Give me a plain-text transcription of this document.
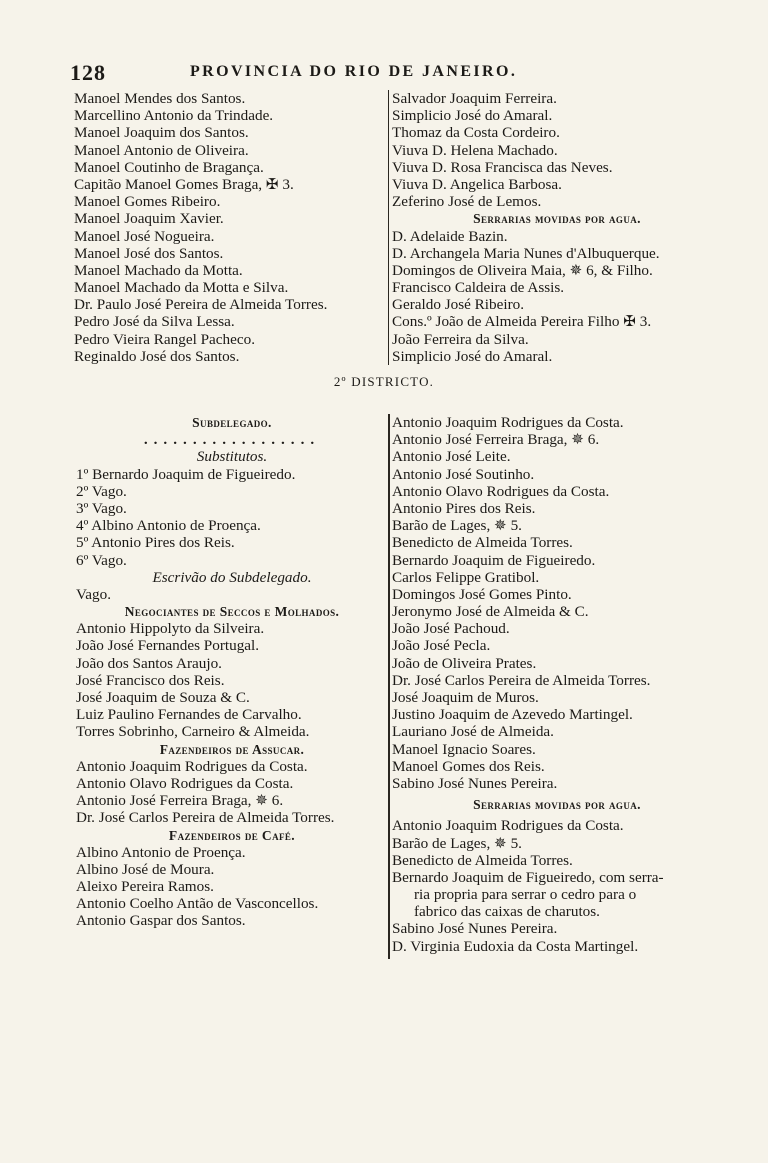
128	PROVINCIA DO RIO DE JANEIRO.
Manoel Mendes dos Santos.
Marcellino Antonio da Trindade.
Manoel Joaquim dos Santos.
Manoel Antonio de Oliveira.
Manoel Coutinho de Bragança.
Capitão Manoel Gomes Braga, ✠ 3.
Manoel Gomes Ribeiro.
Manoel Joaquim Xavier.
Manoel José Nogueira.
Manoel José dos Santos.
Manoel Machado da Motta.
Manoel Machado da Motta e Silva.
Dr. Paulo José Pereira de Almeida Torres.
Pedro José da Silva Lessa.
Pedro Vieira Rangel Pacheco.
Reginaldo José dos Santos.
Salvador Joaquim Ferreira.
Simplicio José do Amaral.
Thomaz da Costa Cordeiro.
Viuva D. Helena Machado.
Viuva D. Rosa Francisca das Neves.
Viuva D. Angelica Barbosa.
Zeferino José de Lemos.
Serrarias movidas por agua.
D. Adelaide Bazin.
D. Archangela Maria Nunes d'Albuquerque.
Domingos de Oliveira Maia, ✵ 6, & Filho.
Francisco Caldeira de Assis.
Geraldo José Ribeiro.
Cons.º João de Almeida Pereira Filho ✠ 3.
João Ferreira da Silva.
Simplicio José do Amaral.
2º DISTRICTO.
Subdelegado.
..................
Substitutos.
1º Bernardo Joaquim de Figueiredo.
2º Vago.
3º Vago.
4º Albino Antonio de Proença.
5º Antonio Pires dos Reis.
6º Vago.
Escrivão do Subdelegado.
Vago.
Negociantes de Seccos e Molhados.
Antonio Hippolyto da Silveira.
João José Fernandes Portugal.
João dos Santos Araujo.
José Francisco dos Reis.
José Joaquim de Souza & C.
Luiz Paulino Fernandes de Carvalho.
Torres Sobrinho, Carneiro & Almeida.
Fazendeiros de Assucar.
Antonio Joaquim Rodrigues da Costa.
Antonio Olavo Rodrigues da Costa.
Antonio José Ferreira Braga, ✵ 6.
Dr. José Carlos Pereira de Almeida Torres.
Fazendeiros de Café.
Albino Antonio de Proença.
Albino José de Moura.
Aleixo Pereira Ramos.
Antonio Coelho Antão de Vasconcellos.
Antonio Gaspar dos Santos.
Antonio Joaquim Rodrigues da Costa.
Antonio José Ferreira Braga, ✵ 6.
Antonio José Leite.
Antonio José Soutinho.
Antonio Olavo Rodrigues da Costa.
Antonio Pires dos Reis.
Barão de Lages, ✵ 5.
Benedicto de Almeida Torres.
Bernardo Joaquim de Figueiredo.
Carlos Felippe Gratibol.
Domingos José Gomes Pinto.
Jeronymo José de Almeida & C.
João José Pachoud.
João José Pecla.
João de Oliveira Prates.
Dr. José Carlos Pereira de Almeida Torres.
José Joaquim de Muros.
Justino Joaquim de Azevedo Martingel.
Lauriano José de Almeida.
Manoel Ignacio Soares.
Manoel Gomes dos Reis.
Sabino José Nunes Pereira.
Serrarias movidas por agua.
Antonio Joaquim Rodrigues da Costa.
Barão de Lages, ✵ 5.
Benedicto de Almeida Torres.
Bernardo Joaquim de Figueiredo, com serra-
ria propria para serrar o cedro para o
fabrico das caixas de charutos.
Sabino José Nunes Pereira.
D. Virginia Eudoxia da Costa Martingel.
